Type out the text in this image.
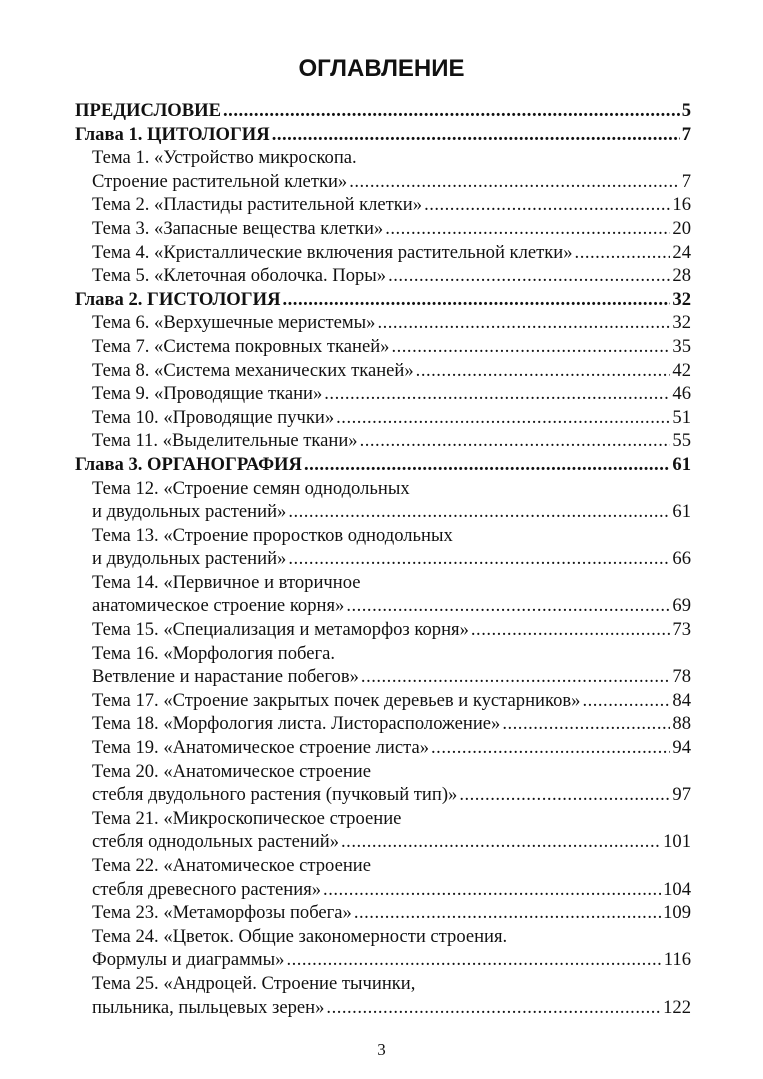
ОГЛАВЛЕНИЕ
ПРЕДИСЛОВИЕ .....	5
Глава 1. ЦИТОЛОГИЯ .....	7
Тема 1. «Устройство микроскопа.
Строение растительной клетки» .....	7
Тема 2. «Пластиды растительной клетки» .....	16
Тема 3. «Запасные вещества клетки» .....	20
Тема 4. «Кристаллические включения растительной клетки» .....	24
Тема 5. «Клеточная оболочка. Поры» .....	28
Глава 2. ГИСТОЛОГИЯ .....	32
Тема 6. «Верхушечные меристемы» .....	32
Тема 7. «Система покровных тканей» .....	35
Тема 8. «Система механических тканей» .....	42
Тема 9. «Проводящие ткани» .....	46
Тема 10. «Проводящие пучки» .....	51
Тема 11. «Выделительные ткани» .....	55
Глава 3. ОРГАНОГРАФИЯ .....	61
Тема 12. «Строение семян однодольных
и двудольных растений» .....	61
Тема 13. «Строение проростков однодольных
и двудольных растений» .....	66
Тема 14. «Первичное и вторичное
анатомическое строение корня» .....	69
Тема 15. «Специализация и метаморфоз корня» .....	73
Тема 16. «Морфология побега.
Ветвление и нарастание побегов» .....	78
Тема 17. «Строение закрытых почек деревьев и кустарников» .....	84
Тема 18. «Морфология листа. Листорасположение» .....	88
Тема 19. «Анатомическое строение листа» .....	94
Тема 20. «Анатомическое строение
стебля двудольного растения (пучковый тип)» .....	97
Тема 21. «Микроскопическое строение
стебля однодольных растений» .....	101
Тема 22. «Анатомическое строение
стебля древесного растения» .....	104
Тема 23. «Метаморфозы побега» .....	109
Тема 24. «Цветок. Общие закономерности строения.
Формулы и диаграммы» .....	116
Тема 25. «Андроцей. Строение тычинки,
пыльника, пыльцевых зерен» .....	122
3
